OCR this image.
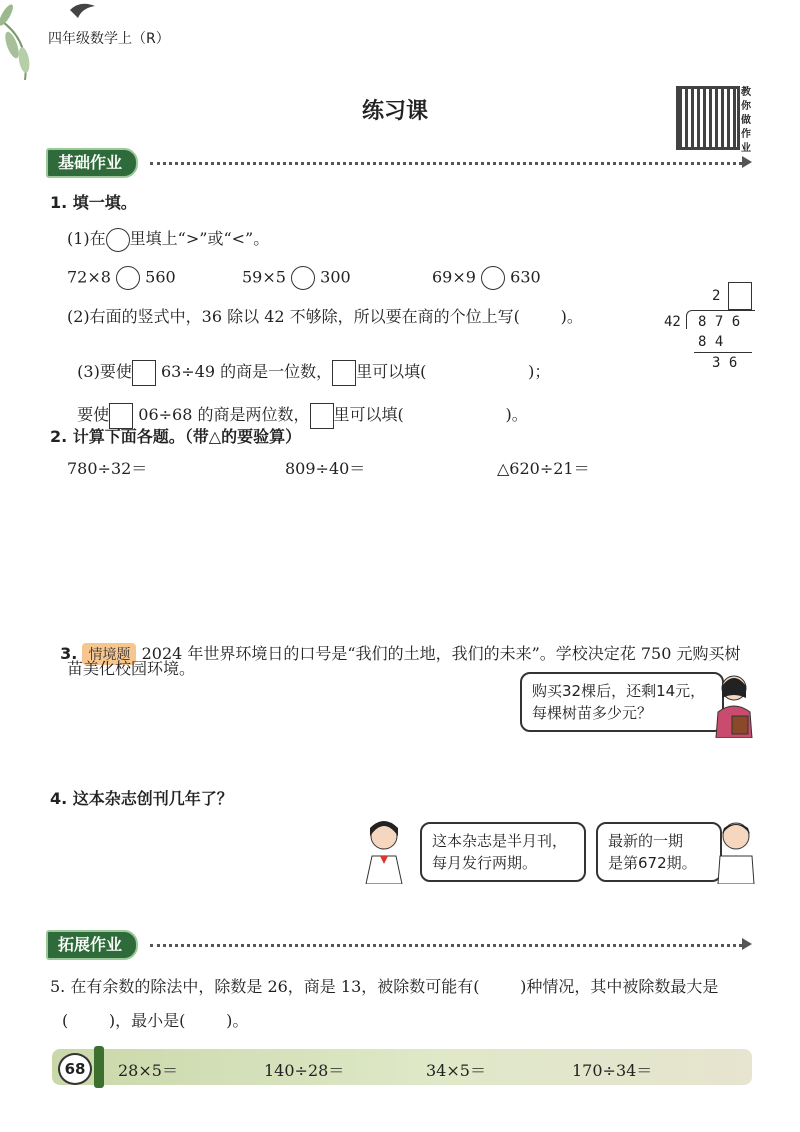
四年级数学上（R）
练习课
教你做作业
基础作业
1. 填一填。
(1)在 里填上“>”或“<”。
72×8 560	59×5 300	69×9 630
(2)右面的竖式中，36 除以 42 不够除，所以要在商的个位上写(        )。

(3)要使 63÷49 的商是一位数， 里可以填(                    )；

要使 06÷68 的商是两位数， 里可以填(                    )。

2
42 8 7 6
8 4
3 6
2. 计算下面各题。（带△的要验算）
780÷32＝	809÷40＝	△620÷21＝

3. 情境题 2024 年世界环境日的口号是“我们的土地，我们的未来”。学校决定花 750 元购买树

苗美化校园环境。
购买32棵后，还剩14元，
每棵树苗多少元？
4. 这本杂志创刊几年了？
这本杂志是半月刊，
每月发行两期。
最新的一期
是第672期。
拓展作业
5. 在有余数的除法中，除数是 26，商是 13，被除数可能有(        )种情况，其中被除数最大是
(        )，最小是(        )。
68	28×5＝	140÷28＝	34×5＝	170÷34＝
